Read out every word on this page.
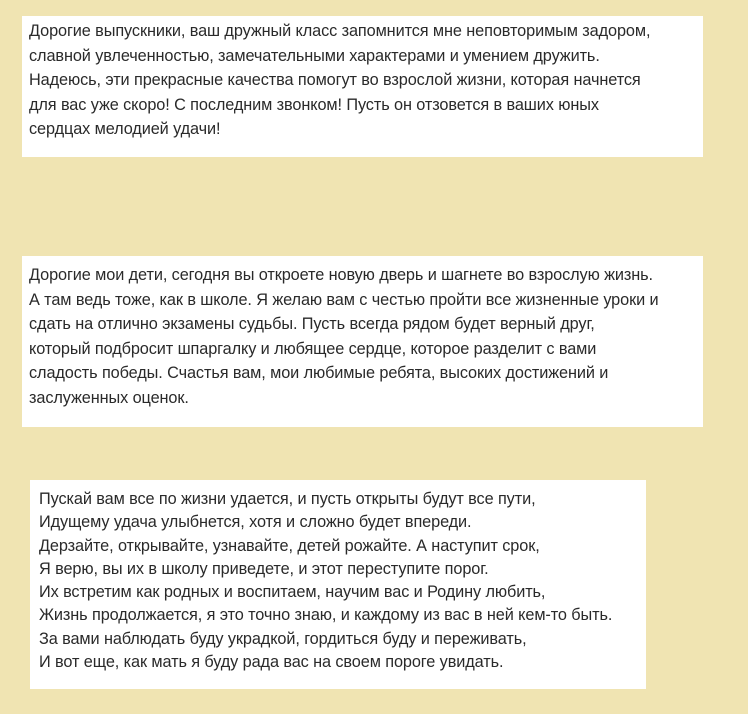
Дорогие выпускники, ваш дружный класс запомнится мне неповторимым задором,
славной увлеченностью, замечательными характерами и умением дружить.
Надеюсь, эти прекрасные качества помогут во взрослой жизни, которая начнется
для вас уже скоро! С последним звонком! Пусть он отзовется в ваших юных
сердцах мелодией удачи!
Дорогие мои дети, сегодня вы откроете новую дверь и шагнете во взрослую жизнь.
А там ведь тоже, как в школе. Я желаю вам с честью пройти все жизненные уроки и
сдать на отлично экзамены судьбы. Пусть всегда рядом будет верный друг,
который подбросит шпаргалку и любящее сердце, которое разделит с вами
сладость победы. Счастья вам, мои любимые ребята, высоких достижений и
заслуженных оценок.
Пускай вам все по жизни удается, и пусть открыты будут все пути,
Идущему удача улыбнется, хотя и сложно будет впереди.
Дерзайте, открывайте, узнавайте, детей рожайте. А наступит срок,
Я верю, вы их в школу приведете, и этот переступите порог.
Их встретим как родных и воспитаем, научим вас и Родину любить,
Жизнь продолжается, я это точно знаю, и каждому из вас в ней кем-то быть.
За вами наблюдать буду украдкой, гордиться буду и переживать,
И вот еще, как мать я буду рада вас на своем пороге увидать.
